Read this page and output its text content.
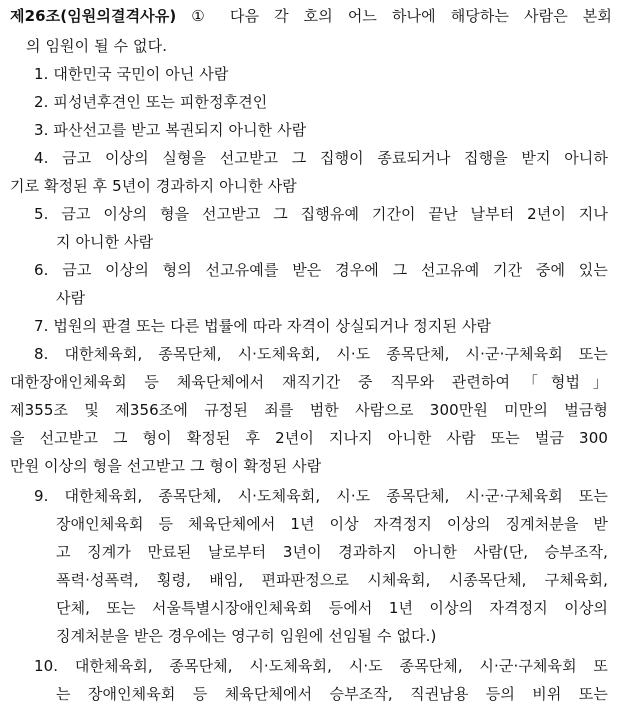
제26조(임원의결격사유) ① 다음 각 호의 어느 하나에 해당하는 사람은 본회
의 임원이 될 수 없다.
1. 대한민국 국민이 아닌 사람
2. 피성년후견인 또는 피한정후견인
3. 파산선고를 받고 복권되지 아니한 사람
4. 금고 이상의 실형을 선고받고 그 집행이 종료되거나 집행을 받지 아니하
기로 확정된 후 5년이 경과하지 아니한 사람
5. 금고 이상의 형을 선고받고 그 집행유예 기간이 끝난 날부터 2년이 지나
지 아니한 사람
6. 금고 이상의 형의 선고유예를 받은 경우에 그 선고유예 기간 중에 있는
사람
7. 법원의 판결 또는 다른 법률에 따라 자격이 상실되거나 정지된 사람
8. 대한체육회, 종목단체, 시·도체육회, 시·도 종목단체, 시·군·구체육회 또는
대한장애인체육회 등 체육단체에서 재직기간 중 직무와 관련하여「형법」
제355조 및 제356조에 규정된 죄를 범한 사람으로 300만원 미만의 벌금형
을 선고받고 그 형이 확정된 후 2년이 지나지 아니한 사람 또는 벌금 300
만원 이상의 형을 선고받고 그 형이 확정된 사람
9. 대한체육회, 종목단체, 시·도체육회, 시·도 종목단체, 시·군·구체육회 또는
장애인체육회 등 체육단체에서 1년 이상 자격정지 이상의 징계처분을 받
고 징계가 만료된 날로부터 3년이 경과하지 아니한 사람(단, 승부조작,
폭력·성폭력, 횡령, 배임, 편파판정으로 시체육회, 시종목단체, 구체육회,
단체, 또는 서울특별시장애인체육회 등에서 1년 이상의 자격정지 이상의
징계처분을 받은 경우에는 영구히 임원에 선임될 수 없다.)
10. 대한체육회, 종목단체, 시·도체육회, 시·도 종목단체, 시·군·구체육회 또
는 장애인체육회 등 체육단체에서 승부조작, 직권남용 등의 비위 또는
